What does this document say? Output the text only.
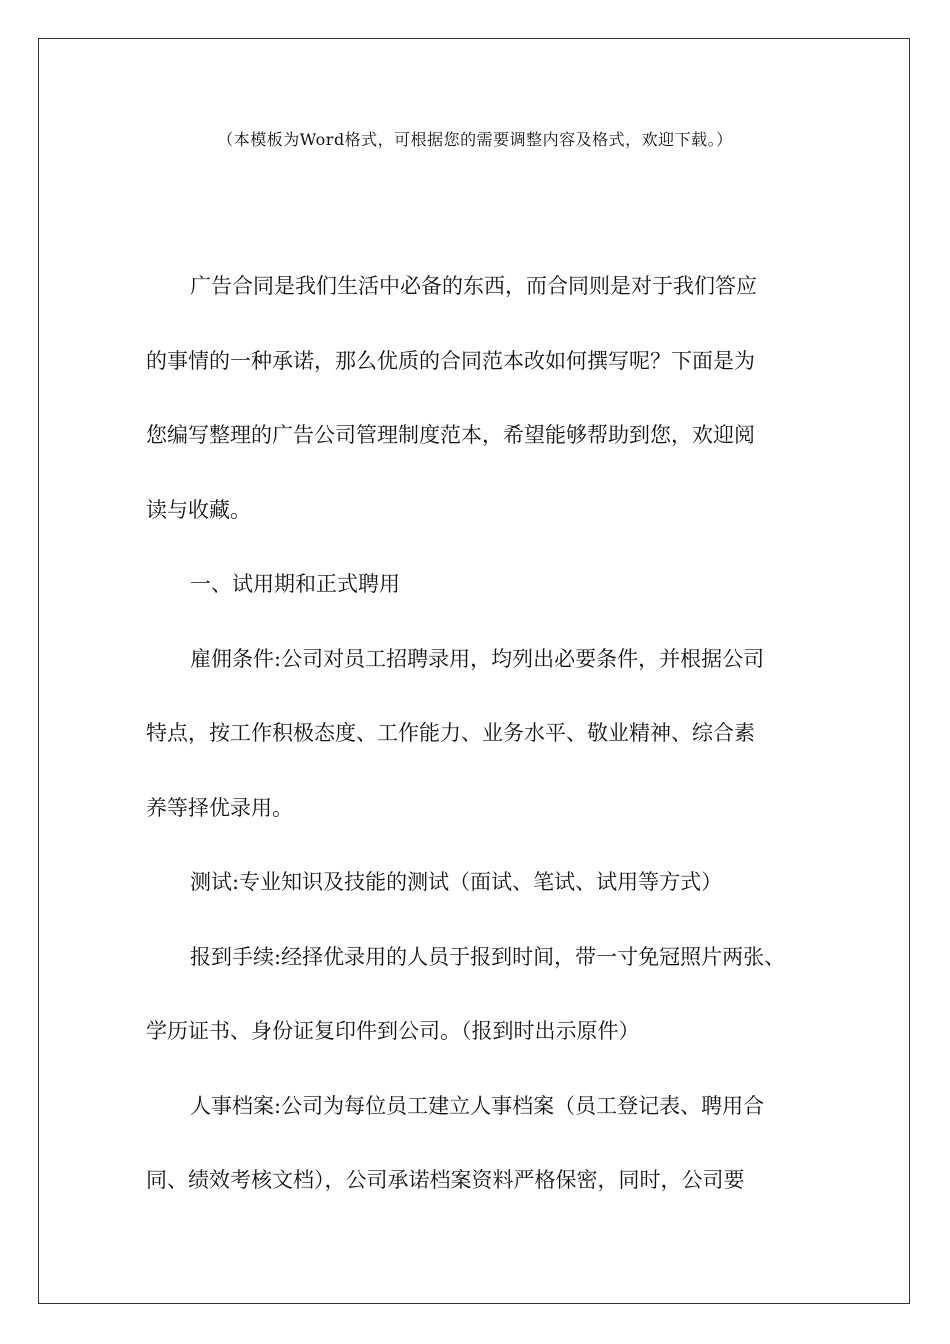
（本模板为Word格式，可根据您的需要调整内容及格式，欢迎下载。）
广告合同是我们生活中必备的东西，而合同则是对于我们答应
的事情的一种承诺，那么优质的合同范本改如何撰写呢？下面是为
您编写整理的广告公司管理制度范本，希望能够帮助到您，欢迎阅
读与收藏。
一、试用期和正式聘用
雇佣条件:公司对员工招聘录用，均列出必要条件，并根据公司
特点，按工作积极态度、工作能力、业务水平、敬业精神、综合素
养等择优录用。
测试:专业知识及技能的测试（面试、笔试、试用等方式）
报到手续:经择优录用的人员于报到时间，带一寸免冠照片两张、
学历证书、身份证复印件到公司。（报到时出示原件）
人事档案:公司为每位员工建立人事档案（员工登记表、聘用合
同、绩效考核文档），公司承诺档案资料严格保密，同时，公司要
